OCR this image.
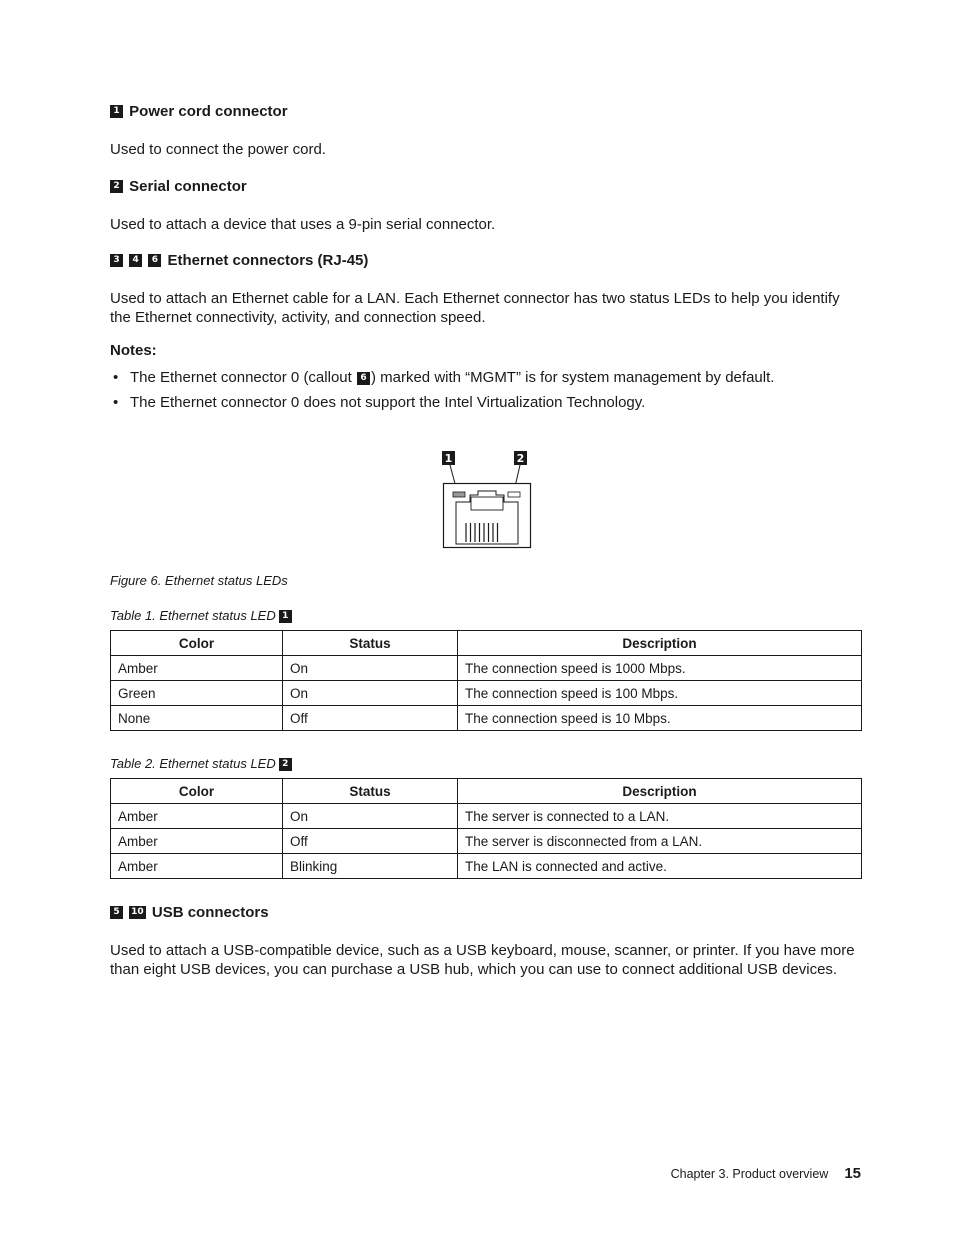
1 Power cord connector
Used to connect the power cord.
2 Serial connector
Used to attach a device that uses a 9-pin serial connector.
3 4 6 Ethernet connectors (RJ-45)
Used to attach an Ethernet cable for a LAN. Each Ethernet connector has two status LEDs to help you identify the Ethernet connectivity, activity, and connection speed.
Notes:
• The Ethernet connector 0 (callout 6 ) marked with “MGMT” is for system management by default.
• The Ethernet connector 0 does not support the Intel Virtualization Technology.
1	2
Figure 6. Ethernet status LEDs
Table 1. Ethernet status LED 1
Color	Status	Description
Amber	On	The connection speed is 1000 Mbps.
Green	On	The connection speed is 100 Mbps.
None	Off	The connection speed is 10 Mbps.
Table 2. Ethernet status LED 2
Color	Status	Description
Amber	On	The server is connected to a LAN.
Amber	Off	The server is disconnected from a LAN.
Amber	Blinking	The LAN is connected and active.
5 10 USB connectors
Used to attach a USB-compatible device, such as a USB keyboard, mouse, scanner, or printer. If you have more than eight USB devices, you can purchase a USB hub, which you can use to connect additional USB devices.
Chapter 3. Product overview 15
